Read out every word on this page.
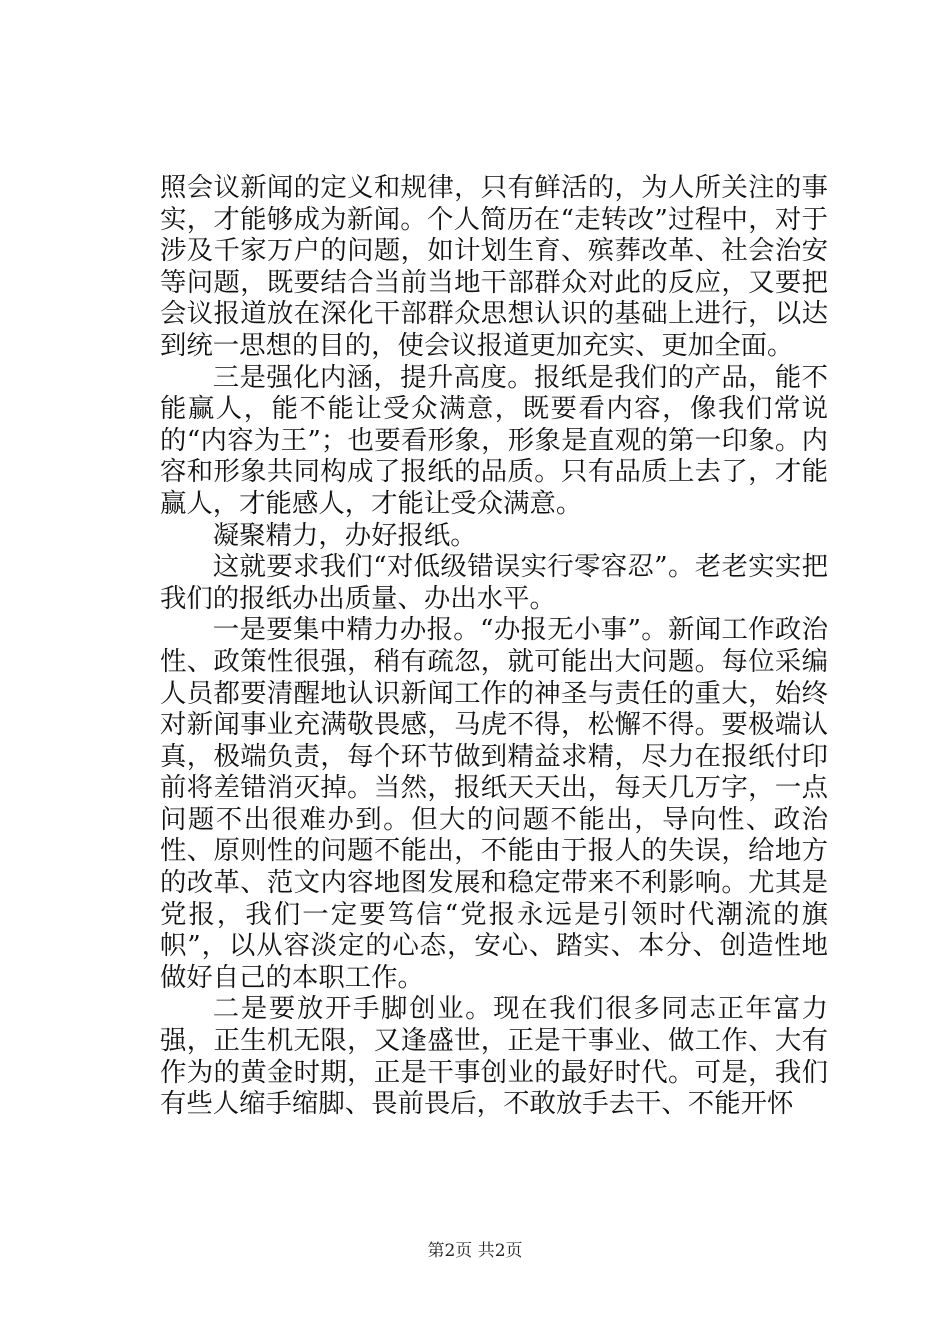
照会议新闻的定义和规律，只有鲜活的，为人所关注的事实，才能够成为新闻。个人简历在“走转改”过程中，对于涉及千家万户的问题，如计划生育、殡葬改革、社会治安等问题，既要结合当前当地干部群众对此的反应，又要把会议报道放在深化干部群众思想认识的基础上进行，以达到统一思想的目的，使会议报道更加充实、更加全面。

三是强化内涵，提升高度。报纸是我们的产品，能不能赢人，能不能让受众满意，既要看内容，像我们常说的“内容为王”；也要看形象，形象是直观的第一印象。内容和形象共同构成了报纸的品质。只有品质上去了，才能赢人，才能感人，才能让受众满意。

凝聚精力，办好报纸。

这就要求我们“对低级错误实行零容忍”。老老实实把我们的报纸办出质量、办出水平。

一是要集中精力办报。“办报无小事”。新闻工作政治性、政策性很强，稍有疏忽，就可能出大问题。每位采编人员都要清醒地认识新闻工作的神圣与责任的重大，始终对新闻事业充满敬畏感，马虎不得，松懈不得。要极端认真，极端负责，每个环节做到精益求精，尽力在报纸付印前将差错消灭掉。当然，报纸天天出，每天几万字，一点问题不出很难办到。但大的问题不能出，导向性、政治性、原则性的问题不能出，不能由于报人的失误，给地方的改革、范文内容地图发展和稳定带来不利影响。尤其是党报，我们一定要笃信“党报永远是引领时代潮流的旗帜”，以从容淡定的心态，安心、踏实、本分、创造性地做好自己的本职工作。

二是要放开手脚创业。现在我们很多同志正年富力强，正生机无限，又逢盛世，正是干事业、做工作、大有作为的黄金时期，正是干事创业的最好时代。可是，我们有些人缩手缩脚、畏前畏后，不敢放手去干、不能开怀

第2页 共2页
